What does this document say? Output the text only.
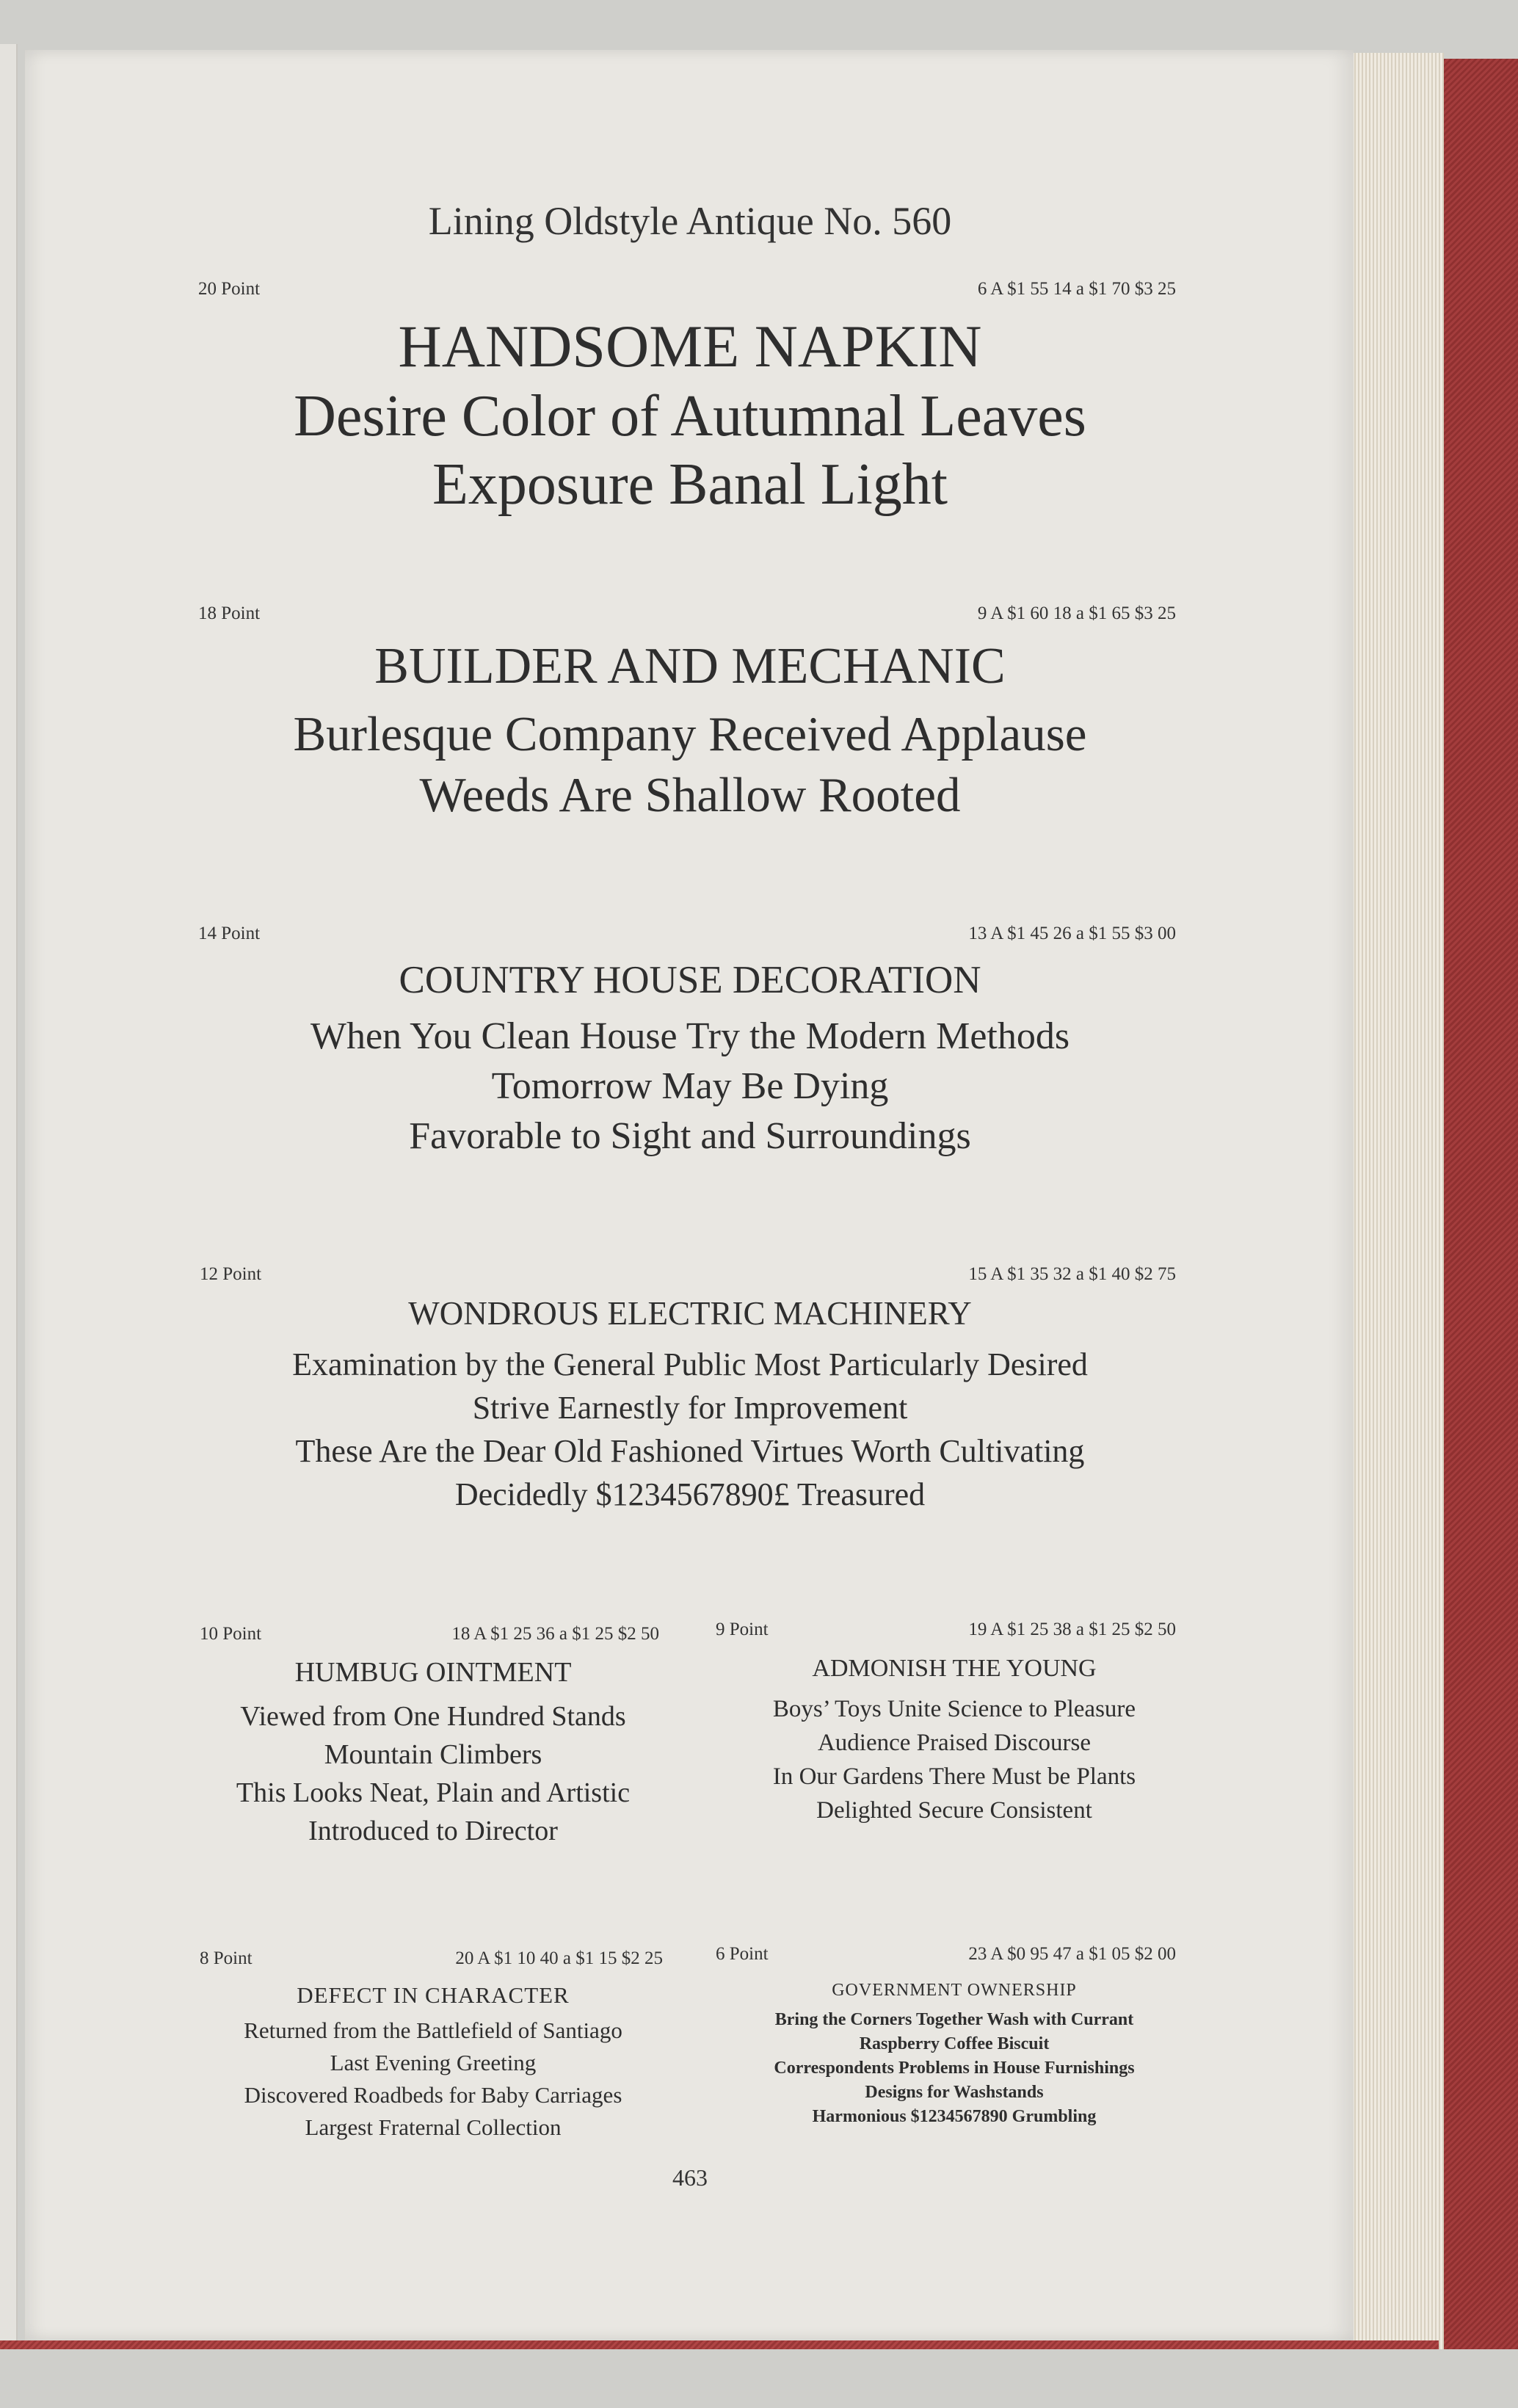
Lining Oldstyle Antique No. 560
20 Point	6 A $1 55 14 a $1 70 $3 25
HANDSOME NAPKIN
Desire Color of Autumnal Leaves
Exposure Banal Light
18 Point	9 A $1 60 18 a $1 65 $3 25
BUILDER AND MECHANIC
Burlesque Company Received Applause
Weeds Are Shallow Rooted
14 Point	13 A $1 45 26 a $1 55 $3 00
COUNTRY HOUSE DECORATION
When You Clean House Try the Modern Methods
Tomorrow May Be Dying
Favorable to Sight and Surroundings
12 Point	15 A $1 35 32 a $1 40 $2 75
WONDROUS ELECTRIC MACHINERY
Examination by the General Public Most Particularly Desired
Strive Earnestly for Improvement
These Are the Dear Old Fashioned Virtues Worth Cultivating
Decidedly $1234567890£ Treasured
10 Point	18 A $1 25 36 a $1 25 $2 50
HUMBUG OINTMENT
Viewed from One Hundred Stands
Mountain Climbers
This Looks Neat, Plain and Artistic
Introduced to Director
9 Point	19 A $1 25 38 a $1 25 $2 50
ADMONISH THE YOUNG
Boys’ Toys Unite Science to Pleasure
Audience Praised Discourse
In Our Gardens There Must be Plants
Delighted Secure Consistent
8 Point	20 A $1 10 40 a $1 15 $2 25
DEFECT IN CHARACTER
Returned from the Battlefield of Santiago
Last Evening Greeting
Discovered Roadbeds for Baby Carriages
Largest Fraternal Collection
6 Point	23 A $0 95 47 a $1 05 $2 00
GOVERNMENT OWNERSHIP
Bring the Corners Together Wash with Currant
Raspberry Coffee Biscuit
Correspondents Problems in House Furnishings
Designs for Washstands
Harmonious $1234567890 Grumbling
463
